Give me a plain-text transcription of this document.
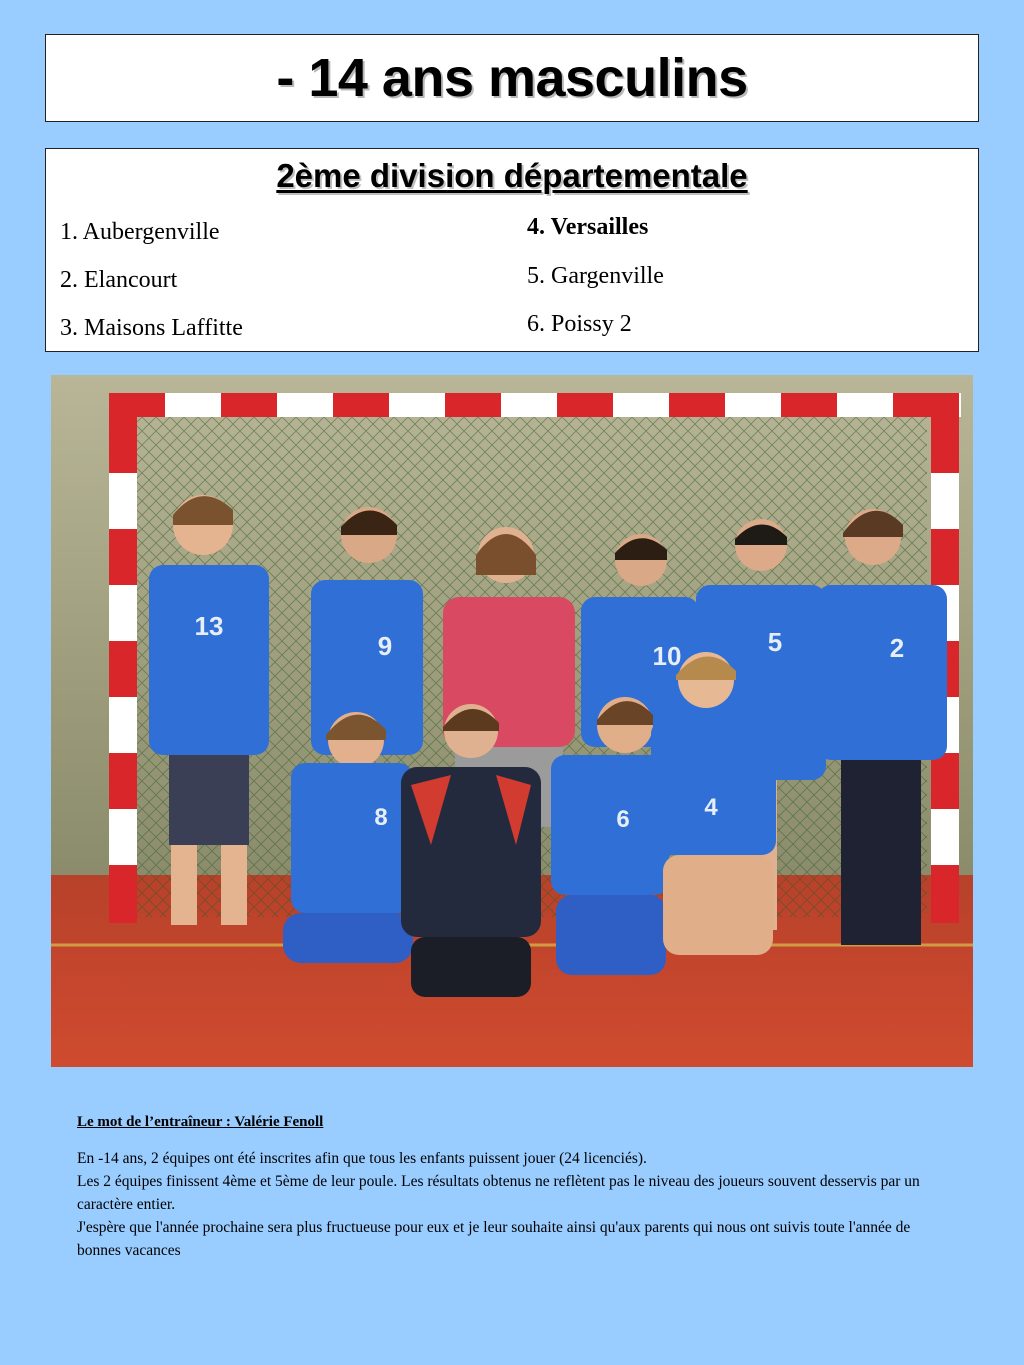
- 14 ans masculins
2ème division départementale
1. Aubergenville
2. Elancourt
3. Maisons Laffitte
4. Versailles
5. Gargenville
6. Poissy 2
13
9	10	5	2
8	6	4
Le mot de l’entraîneur : Valérie Fenoll

En -14 ans, 2 équipes ont été inscrites afin que tous les enfants puissent jouer (24 licenciés).

Les 2 équipes finissent 4ème et 5ème de leur poule. Les résultats obtenus ne reflètent pas le niveau des joueurs souvent desservis par un caractère entier.

J'espère que l'année prochaine sera plus fructueuse pour eux et je leur souhaite ainsi qu'aux parents qui nous ont suivis toute l'année de bonnes vacances
